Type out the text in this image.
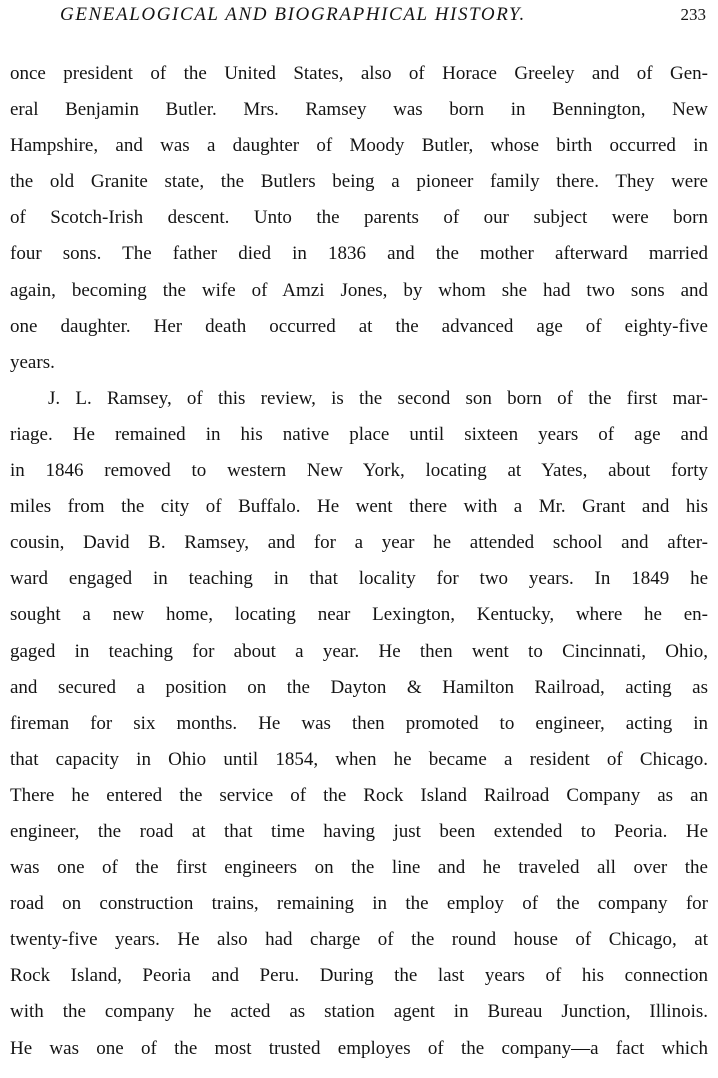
GENEALOGICAL AND BIOGRAPHICAL HISTORY.	233
once president of the United States, also of Horace Greeley and of Gen-
eral Benjamin Butler. Mrs. Ramsey was born in Bennington, New
Hampshire, and was a daughter of Moody Butler, whose birth occurred in
the old Granite state, the Butlers being a pioneer family there. They were
of Scotch-Irish descent. Unto the parents of our subject were born
four sons. The father died in 1836 and the mother afterward married
again, becoming the wife of Amzi Jones, by whom she had two sons and
one daughter. Her death occurred at the advanced age of eighty-five
years.
J. L. Ramsey, of this review, is the second son born of the first mar-
riage. He remained in his native place until sixteen years of age and
in 1846 removed to western New York, locating at Yates, about forty
miles from the city of Buffalo. He went there with a Mr. Grant and his
cousin, David B. Ramsey, and for a year he attended school and after-
ward engaged in teaching in that locality for two years. In 1849 he
sought a new home, locating near Lexington, Kentucky, where he en-
gaged in teaching for about a year. He then went to Cincinnati, Ohio,
and secured a position on the Dayton & Hamilton Railroad, acting as
fireman for six months. He was then promoted to engineer, acting in
that capacity in Ohio until 1854, when he became a resident of Chicago.
There he entered the service of the Rock Island Railroad Company as an
engineer, the road at that time having just been extended to Peoria. He
was one of the first engineers on the line and he traveled all over the
road on construction trains, remaining in the employ of the company for
twenty-five years. He also had charge of the round house of Chicago, at
Rock Island, Peoria and Peru. During the last years of his connection
with the company he acted as station agent in Bureau Junction, Illinois.
He was one of the most trusted employes of the company—a fact which
